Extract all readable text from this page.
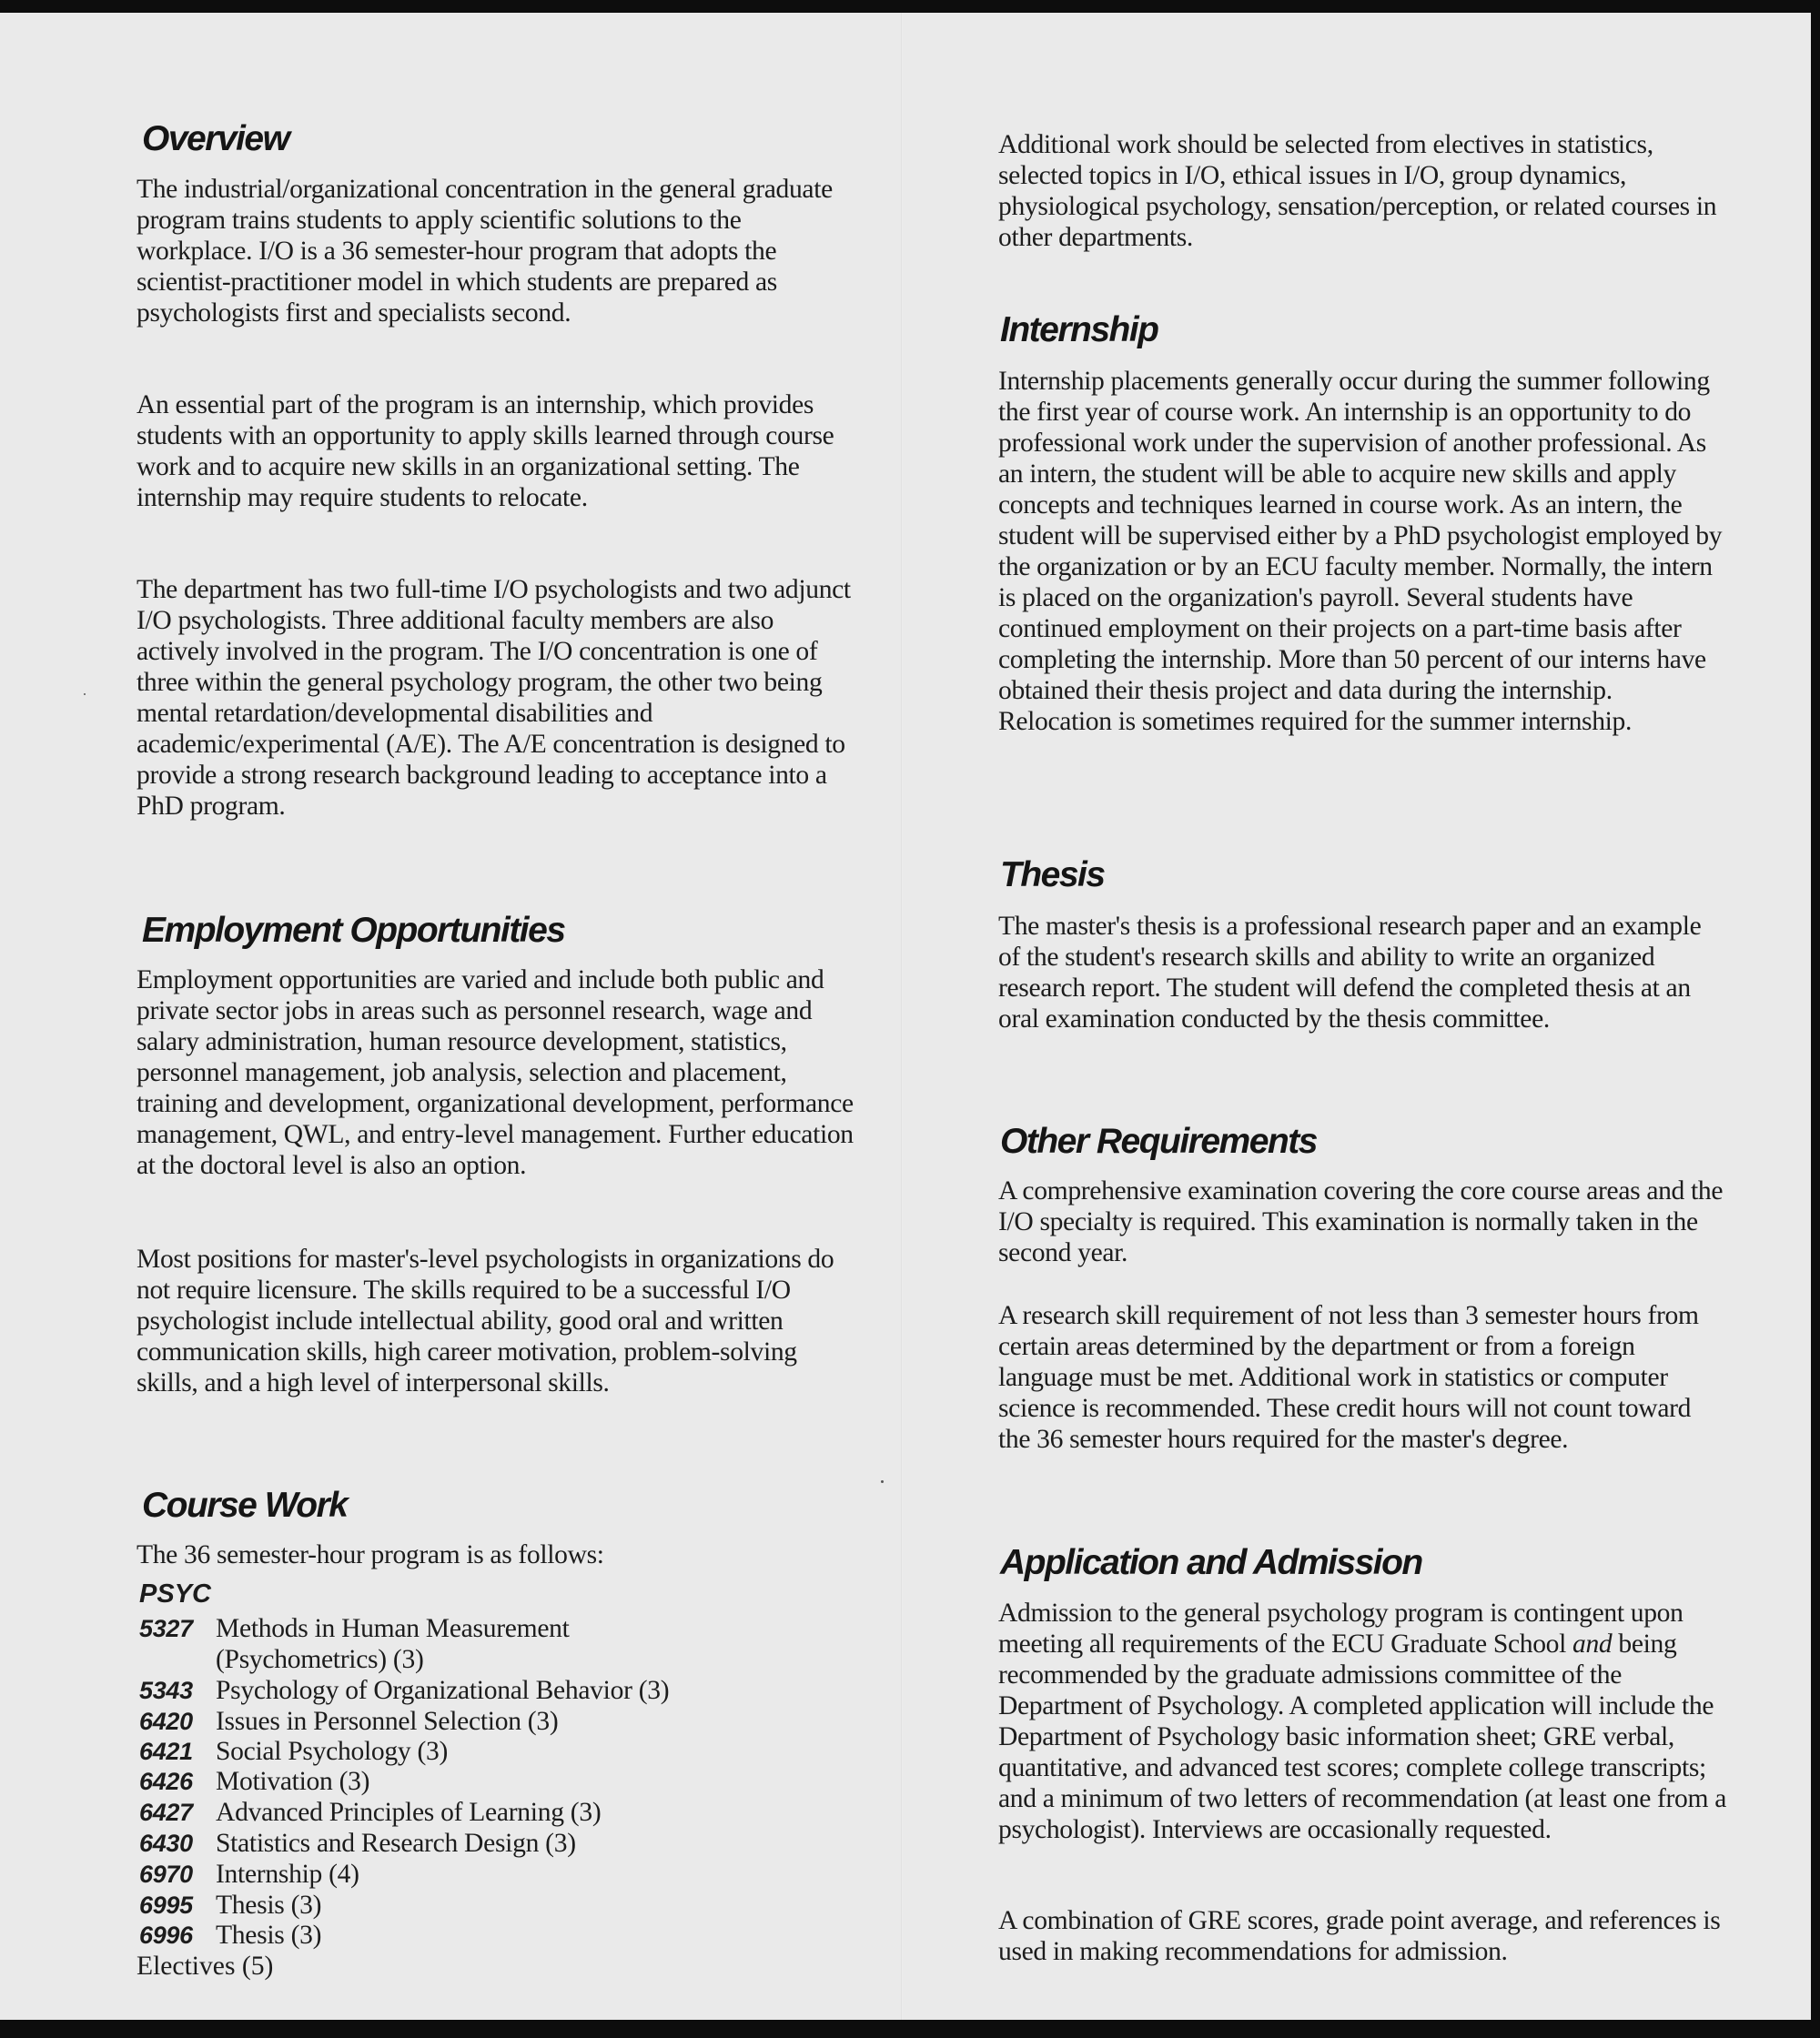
Overview

The industrial/organizational concentration in the general graduate program trains students to apply scientific solutions to the workplace. I/O is a 36 semester-hour program that adopts the scientist-practitioner model in which students are prepared as psychologists first and specialists second.

An essential part of the program is an internship, which provides students with an opportunity to apply skills learned through course work and to acquire new skills in an organizational setting. The internship may require students to relocate.

The department has two full-time I/O psychologists and two adjunct I/O psychologists. Three additional faculty members are also actively involved in the program. The I/O concentration is one of three within the general psychology program, the other two being mental retardation/developmental disabilities and academic/experimental (A/E). The A/E concentration is designed to provide a strong research background leading to acceptance into a PhD program.

Employment Opportunities

Employment opportunities are varied and include both public and private sector jobs in areas such as personnel research, wage and salary administration, human resource development, statistics, personnel management, job analysis, selection and placement, training and development, organizational development, performance management, QWL, and entry-level management. Further education at the doctoral level is also an option.

Most positions for master's-level psychologists in organizations do not require licensure. The skills required to be a successful I/O psychologist include intellectual ability, good oral and written communication skills, high career motivation, problem-solving skills, and a high level of interpersonal skills.

Course Work

The 36 semester-hour program is as follows:

PSYC
5327 Methods in Human Measurement (Psychometrics) (3)
5343 Psychology of Organizational Behavior (3)
6420 Issues in Personnel Selection (3)
6421 Social Psychology (3)
6426 Motivation (3)
6427 Advanced Principles of Learning (3)
6430 Statistics and Research Design (3)
6970 Internship (4)
6995 Thesis (3)
6996 Thesis (3)
Electives (5)

Additional work should be selected from electives in statistics, selected topics in I/O, ethical issues in I/O, group dynamics, physiological psychology, sensation/perception, or related courses in other departments.

Internship

Internship placements generally occur during the summer following the first year of course work. An internship is an opportunity to do professional work under the supervision of another professional. As an intern, the student will be able to acquire new skills and apply concepts and techniques learned in course work. As an intern, the student will be supervised either by a PhD psychologist employed by the organization or by an ECU faculty member. Normally, the intern is placed on the organization's payroll. Several students have continued employment on their projects on a part-time basis after completing the internship. More than 50 percent of our interns have obtained their thesis project and data during the internship. Relocation is sometimes required for the summer internship.

Thesis

The master's thesis is a professional research paper and an example of the student's research skills and ability to write an organized research report. The student will defend the completed thesis at an oral examination conducted by the thesis committee.

Other Requirements

A comprehensive examination covering the core course areas and the I/O specialty is required. This examination is normally taken in the second year.

A research skill requirement of not less than 3 semester hours from certain areas determined by the department or from a foreign language must be met. Additional work in statistics or computer science is recommended. These credit hours will not count toward the 36 semester hours required for the master's degree.

Application and Admission

Admission to the general psychology program is contingent upon meeting all requirements of the ECU Graduate School and being recommended by the graduate admissions committee of the Department of Psychology. A completed application will include the Department of Psychology basic information sheet; GRE verbal, quantitative, and advanced test scores; complete college transcripts; and a minimum of two letters of recommendation (at least one from a psychologist). Interviews are occasionally requested.

A combination of GRE scores, grade point average, and references is used in making recommendations for admission.
